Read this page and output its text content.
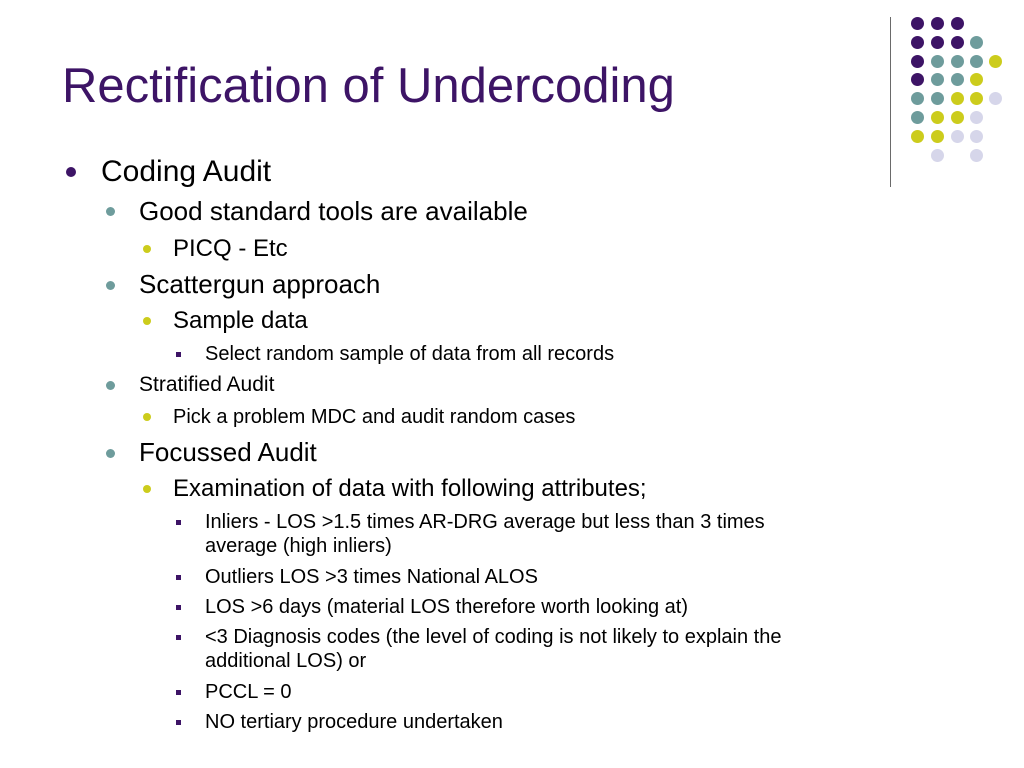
Rectification of Undercoding
Coding Audit
Good standard tools are available
PICQ - Etc
Scattergun approach
Sample data
Select random sample of data from all records
Stratified Audit
Pick a problem MDC and audit random cases
Focussed Audit
Examination of data with following attributes;
Inliers - LOS >1.5 times AR-DRG average but less than 3 times
average (high inliers)
Outliers LOS >3 times National ALOS
LOS >6 days (material LOS therefore worth looking at)
<3 Diagnosis codes (the level of coding is not likely to explain the
additional LOS) or
PCCL = 0
NO tertiary procedure undertaken
